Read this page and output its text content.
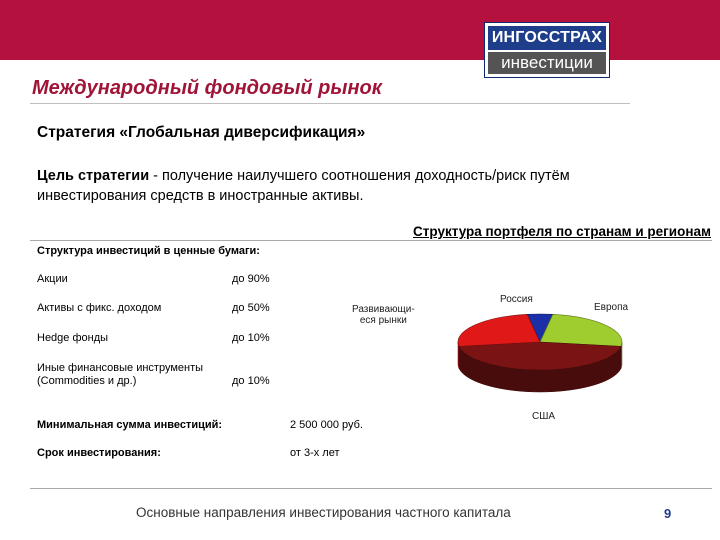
ИНГОССТРАХ
инвестиции
Международный фондовый рынок
Стратегия «Глобальная диверсификация»
Цель стратегии - получение наилучшего соотношения доходность/риск путём инвестирования средств в иностранные активы.
Структура портфеля по странам и регионам
Структура инвестиций в ценные бумаги:
Акции	до 90%
Активы с фикс. доходом	до 50%
Hedge фонды	до 10%
Иные финансовые инструменты
(Commodities и др.)	до 10%
Минимальная сумма инвестиций:	2 500 000 руб.
Срок инвестирования:	от 3-х лет
Россия
Европа
США
Развивающи-
еся рынки
Основные направления инвестирования частного капитала	9
